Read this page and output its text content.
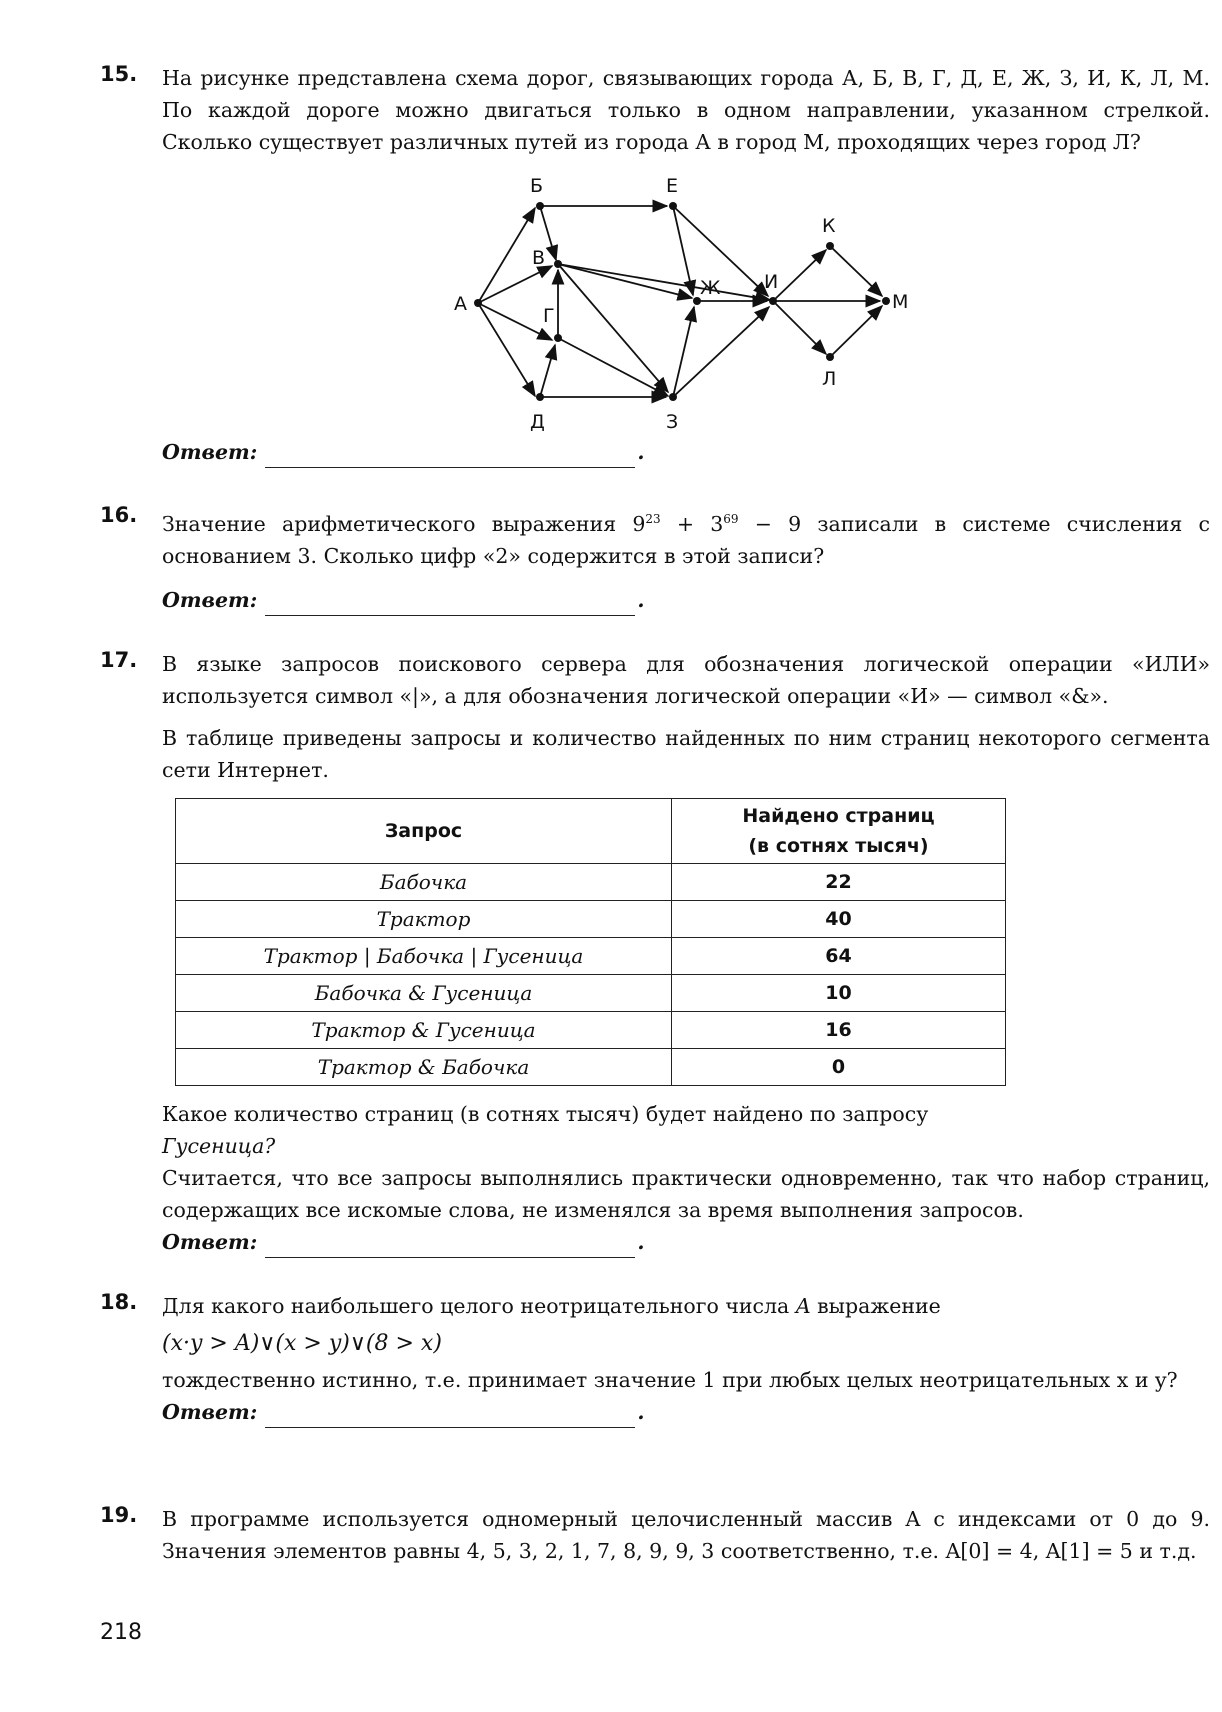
15. На рисунке представлена схема дорог, связывающих города А, Б, В, Г, Д, Е, Ж, З, И, К, Л, М. По каждой дороге можно двигаться только в одном направлении, указанном стрелкой. Сколько существует различных путей из города А в город М, проходящих через город Л?

А
Б
В
Г
Д
Е
Ж
З
И
К
Л
М
Ответ:	.
16. Значение арифметического выражения $9^{23} + 3^{69} - 9$ записали в системе счисления с основанием 3. Сколько цифр «2» содержится в этой записи?

Ответ:	.
17. В языке запросов поискового сервера для обозначения логической операции «ИЛИ» используется символ «|», а для обозначения логической операции «И» — символ «&».

В таблице приведены запросы и количество найденных по ним страниц некоторого сегмента сети Интернет.

Запрос	Найдено страниц
(в сотнях тысяч)
Бабочка	22
Трактор	40
Трактор | Бабочка | Гусеница	64
Бабочка & Гусеница	10
Трактор & Гусеница	16
Трактор & Бабочка	0

Какое количество страниц (в сотнях тысяч) будет найдено по запросу

Гусеница?

Считается, что все запросы выполнялись практически одновременно, так что набор страниц, содержащих все искомые слова, не изменялся за время выполнения запросов.

Ответ:	.
18. Для какого наибольшего целого неотрицательного числа A выражение

(x·y > A)∨(x > y)∨(8 > x)

тождественно истинно, т.е. принимает значение 1 при любых целых неотрицательных x и y?

Ответ:	.
19. В программе используется одномерный целочисленный массив A с индексами от 0 до 9. Значения элементов равны 4, 5, 3, 2, 1, 7, 8, 9, 9, 3 соответственно, т.е. A[0] = 4, A[1] = 5 и т.д.

218
